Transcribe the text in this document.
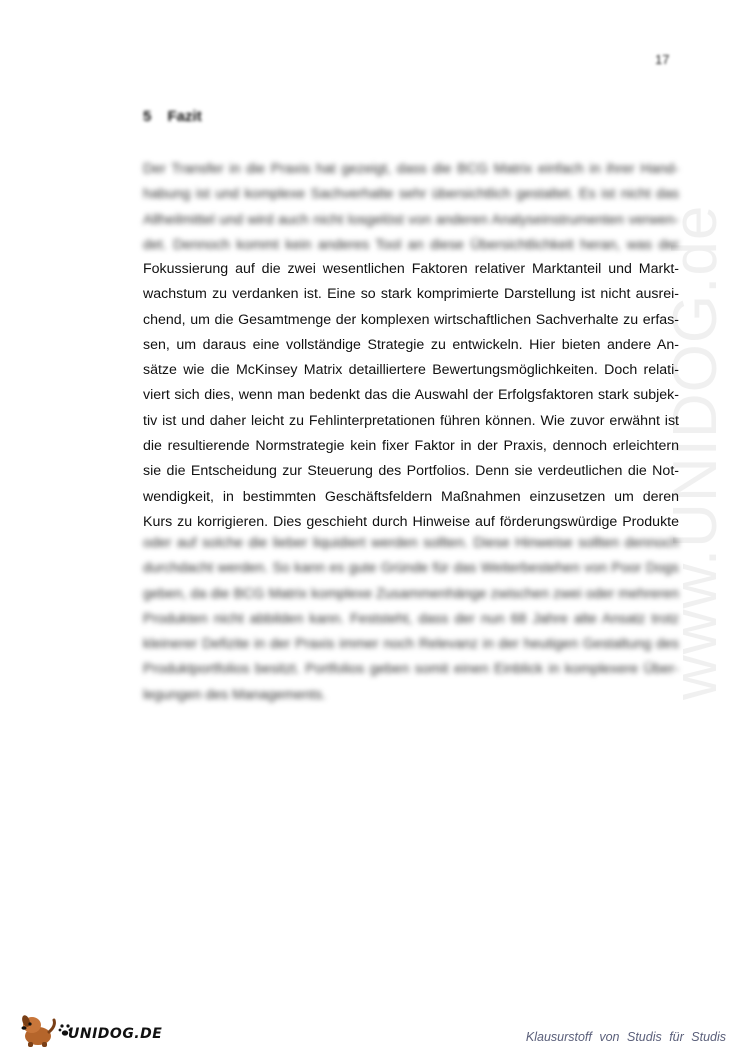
17
5 Fazit
Der Transfer in die Praxis hat gezeigt, dass die BCG Matrix einfach in ihrer Hand-
habung ist und komplexe Sachverhalte sehr übersichtlich gestaltet. Es ist nicht das
Allheilmittel und wird auch nicht losgelöst von anderen Analyseinstrumenten verwen-
det. Dennoch kommt kein anderes Tool an diese Übersichtlichkeit heran, was der
Fokussierung auf die zwei wesentlichen Faktoren relativer Marktanteil und Markt-
wachstum zu verdanken ist. Eine so stark komprimierte Darstellung ist nicht ausrei-
chend, um die Gesamtmenge der komplexen wirtschaftlichen Sachverhalte zu erfas-
sen, um daraus eine vollständige Strategie zu entwickeln. Hier bieten andere An-
sätze wie die McKinsey Matrix detailliertere Bewertungsmöglichkeiten. Doch relati-
viert sich dies, wenn man bedenkt das die Auswahl der Erfolgsfaktoren stark subjek-
tiv ist und daher leicht zu Fehlinterpretationen führen können. Wie zuvor erwähnt ist
die resultierende Normstrategie kein fixer Faktor in der Praxis, dennoch erleichtern
sie die Entscheidung zur Steuerung des Portfolios. Denn sie verdeutlichen die Not-
wendigkeit, in bestimmten Geschäftsfeldern Maßnahmen einzusetzen um deren
Kurs zu korrigieren. Dies geschieht durch Hinweise auf förderungswürdige Produkte
oder auf solche die lieber liquidiert werden sollten. Diese Hinweise sollten dennoch
durchdacht werden. So kann es gute Gründe für das Weiterbestehen von Poor Dogs
geben, da die BCG Matrix komplexe Zusammenhänge zwischen zwei oder mehreren
Produkten nicht abbilden kann. Feststeht, dass der nun 68 Jahre alte Ansatz trotz
kleinerer Defizite in der Praxis immer noch Relevanz in der heutigen Gestaltung des
Produktportfolios besitzt. Portfolios geben somit einen Einblick in komplexere Über-
legungen des Managements.	www.UNIDOG.de
UNIDOG.DE	Klausurstoff von Studis für Studis
